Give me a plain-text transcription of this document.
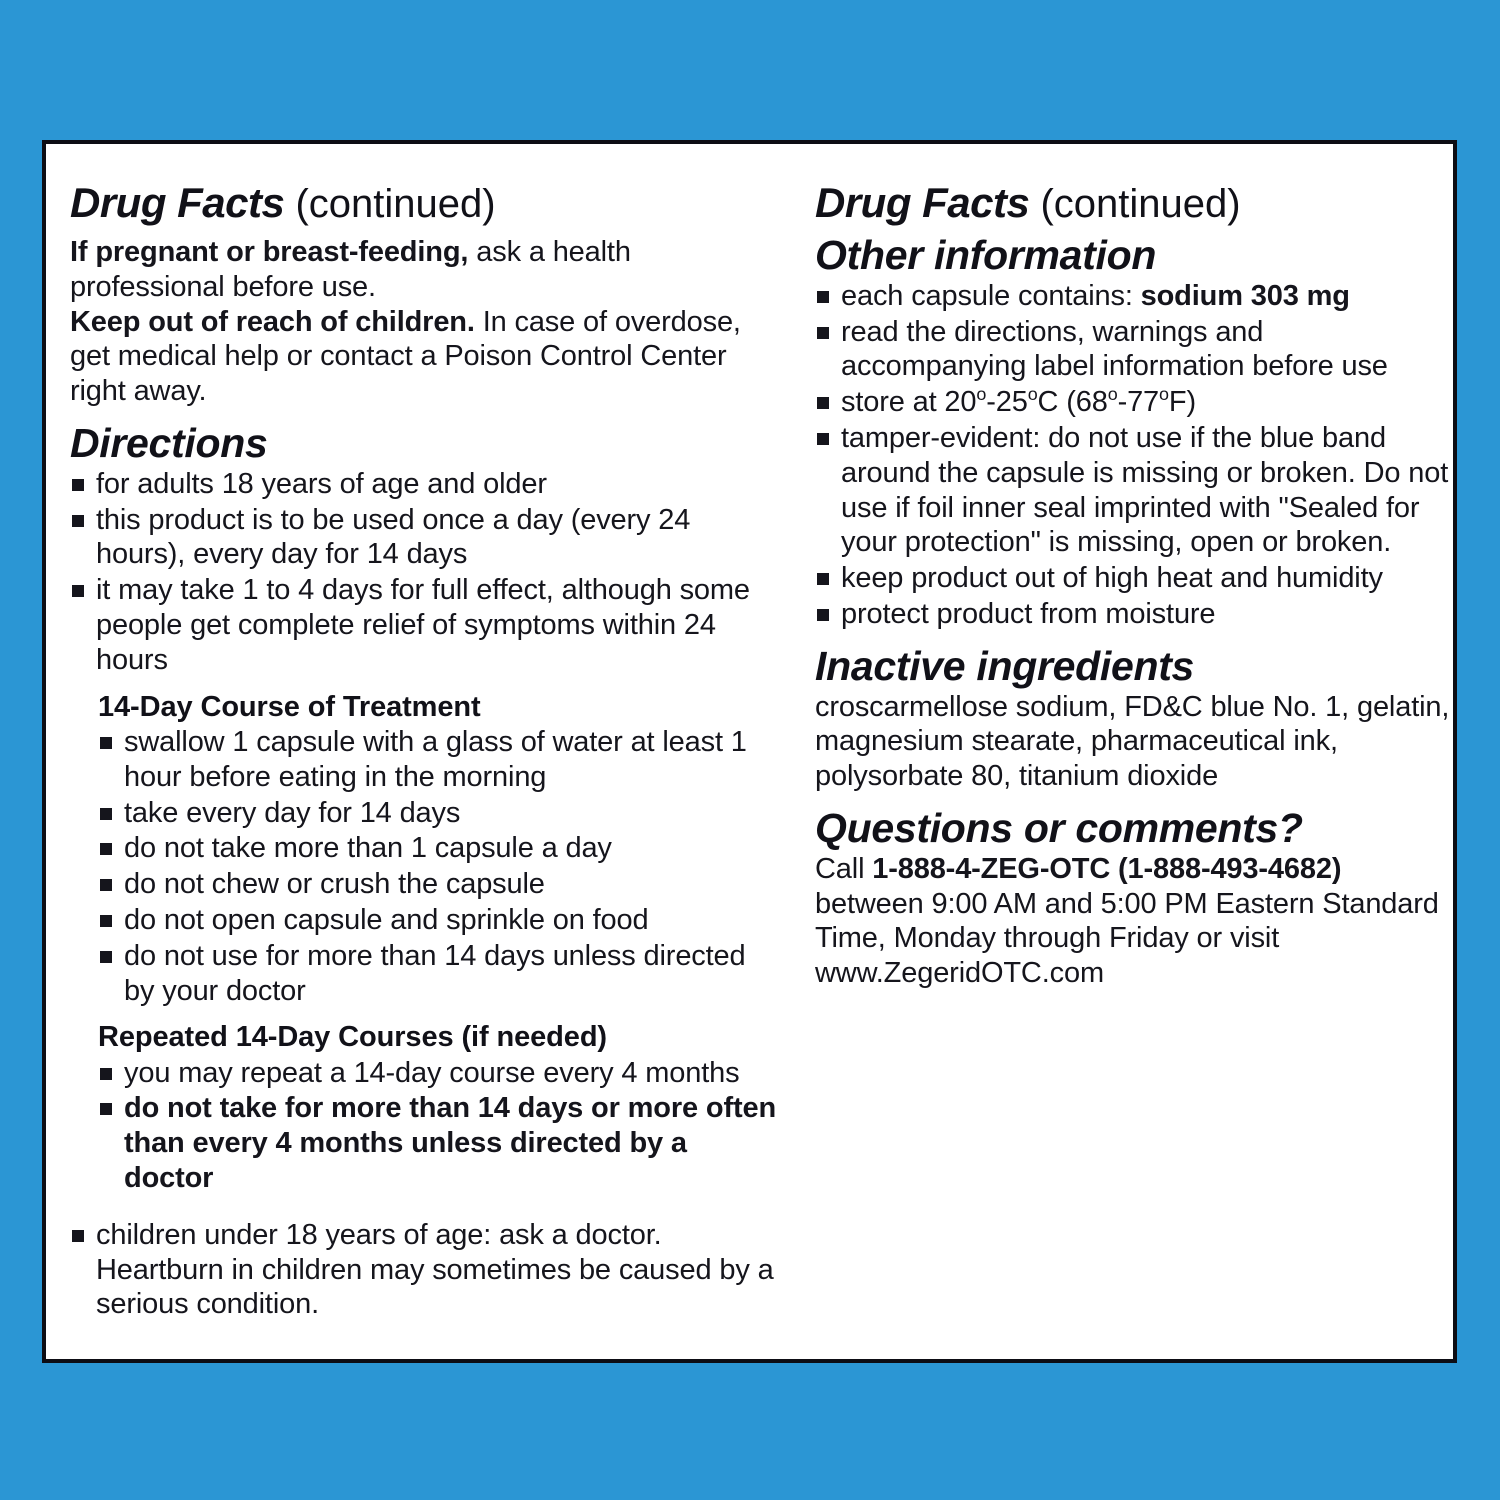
Drug Facts (continued)

If pregnant or breast-feeding, ask a health professional before use.

Keep out of reach of children. In case of overdose, get medical help or contact a Poison Control Center right away.

Directions
for adults 18 years of age and older
this product is to be used once a day (every 24 hours), every day for 14 days
it may take 1 to 4 days for full effect, although some people get complete relief of symptoms within 24 hours
14-Day Course of Treatment
swallow 1 capsule with a glass of water at least 1 hour before eating in the morning
take every day for 14 days
do not take more than 1 capsule a day
do not chew or crush the capsule
do not open capsule and sprinkle on food
do not use for more than 14 days unless directed by your doctor
Repeated 14-Day Courses (if needed)
you may repeat a 14-day course every 4 months
do not take for more than 14 days or more often than every 4 months unless directed by a doctor
children under 18 years of age: ask a doctor. Heartburn in children may sometimes be caused by a serious condition.
Drug Facts (continued)
Other information
each capsule contains: sodium 303 mg
read the directions, warnings and accompanying label information before use
store at 20$^o$-25$^o$C (68$^o$-77$^o$F)
tamper-evident: do not use if the blue band around the capsule is missing or broken. Do not use if foil inner seal imprinted with "Sealed for your protection" is missing, open or broken.
keep product out of high heat and humidity
protect product from moisture
Inactive ingredients

croscarmellose sodium, FD&C blue No. 1, gelatin, magnesium stearate, pharmaceutical ink, polysorbate 80, titanium dioxide

Questions or comments?

Call 1-888-4-ZEG-OTC (1-888-493-4682) between 9:00 AM and 5:00 PM Eastern Standard Time, Monday through Friday or visit www.ZegeridOTC.com
